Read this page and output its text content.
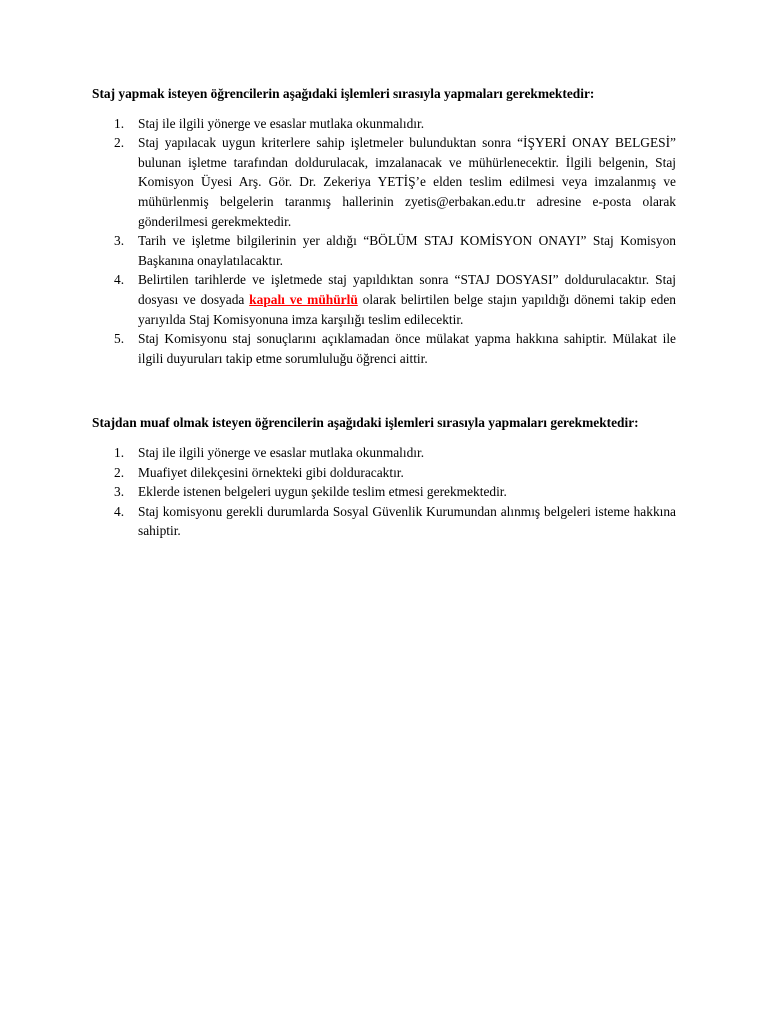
Staj yapmak isteyen öğrencilerin aşağıdaki işlemleri sırasıyla yapmaları gerekmektedir:

1. Staj ile ilgili yönerge ve esaslar mutlaka okunmalıdır.
2. Staj yapılacak uygun kriterlere sahip işletmeler bulunduktan sonra “İŞYERİ ONAY BELGESİ” bulunan işletme tarafından doldurulacak, imzalanacak ve mühürlenecektir. İlgili belgenin, Staj Komisyon Üyesi Arş. Gör. Dr. Zekeriya YETİŞ’e elden teslim edilmesi veya imzalanmış ve mühürlenmiş belgelerin taranmış hallerinin zyetis@erbakan.edu.tr adresine e-posta olarak gönderilmesi gerekmektedir.
3. Tarih ve işletme bilgilerinin yer aldığı “BÖLÜM STAJ KOMİSYON ONAYI” Staj Komisyon Başkanına onaylatılacaktır.
4. Belirtilen tarihlerde ve işletmede staj yapıldıktan sonra “STAJ DOSYASI” doldurulacaktır. Staj dosyası ve dosyada kapalı ve mühürlü olarak belirtilen belge stajın yapıldığı dönemi takip eden yarıyılda Staj Komisyonuna imza karşılığı teslim edilecektir.
5. Staj Komisyonu staj sonuçlarını açıklamadan önce mülakat yapma hakkına sahiptir. Mülakat ile ilgili duyuruları takip etme sorumluluğu öğrenci aittir.

Stajdan muaf olmak isteyen öğrencilerin aşağıdaki işlemleri sırasıyla yapmaları gerekmektedir:

1. Staj ile ilgili yönerge ve esaslar mutlaka okunmalıdır.
2. Muafiyet dilekçesini örnekteki gibi dolduracaktır.
3. Eklerde istenen belgeleri uygun şekilde teslim etmesi gerekmektedir.
4. Staj komisyonu gerekli durumlarda Sosyal Güvenlik Kurumundan alınmış belgeleri isteme hakkına sahiptir.
